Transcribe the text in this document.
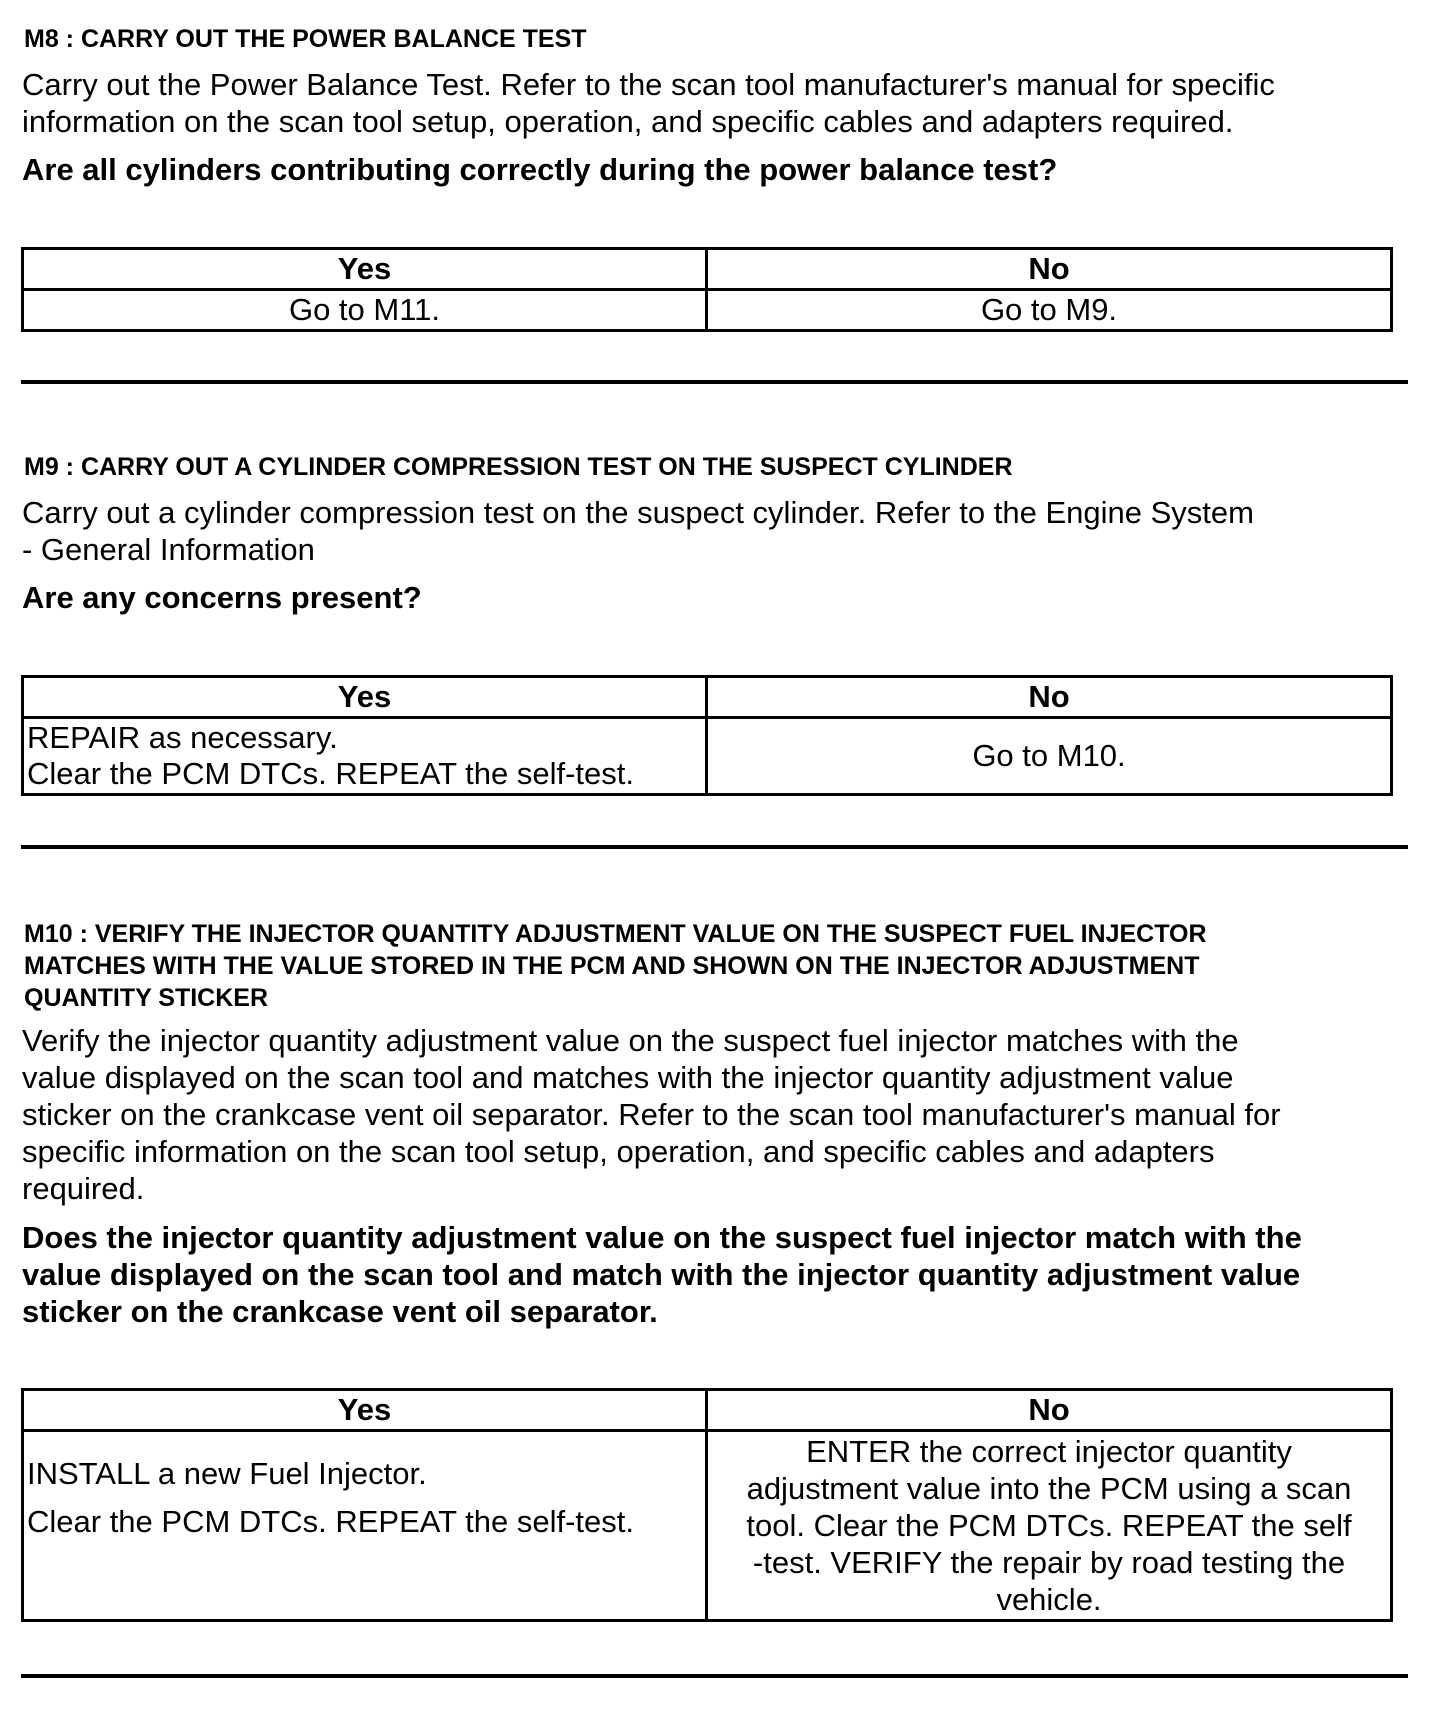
M8 : CARRY OUT THE POWER BALANCE TEST
Carry out the Power Balance Test. Refer to the scan tool manufacturer's manual for specific
information on the scan tool setup, operation, and specific cables and adapters required.
Are all cylinders contributing correctly during the power balance test?
Yes	No

Go to M11.	Go to M9.
M9 : CARRY OUT A CYLINDER COMPRESSION TEST ON THE SUSPECT CYLINDER
Carry out a cylinder compression test on the suspect cylinder. Refer to the Engine System
- General Information
Are any concerns present?
Yes	No

REPAIR as necessary.
Clear the PCM DTCs. REPEAT the self-test.	Go to M10.
M10 : VERIFY THE INJECTOR QUANTITY ADJUSTMENT VALUE ON THE SUSPECT FUEL INJECTOR
MATCHES WITH THE VALUE STORED IN THE PCM AND SHOWN ON THE INJECTOR ADJUSTMENT
QUANTITY STICKER
Verify the injector quantity adjustment value on the suspect fuel injector matches with the
value displayed on the scan tool and matches with the injector quantity adjustment value
sticker on the crankcase vent oil separator. Refer to the scan tool manufacturer's manual for
specific information on the scan tool setup, operation, and specific cables and adapters
required.
Does the injector quantity adjustment value on the suspect fuel injector match with the
value displayed on the scan tool and match with the injector quantity adjustment value
sticker on the crankcase vent oil separator.
Yes	No

INSTALL a new Fuel Injector.
Clear the PCM DTCs. REPEAT the self-test.	ENTER the correct injector quantity
adjustment value into the PCM using a scan
tool. Clear the PCM DTCs. REPEAT the self
-test. VERIFY the repair by road testing the
vehicle.
